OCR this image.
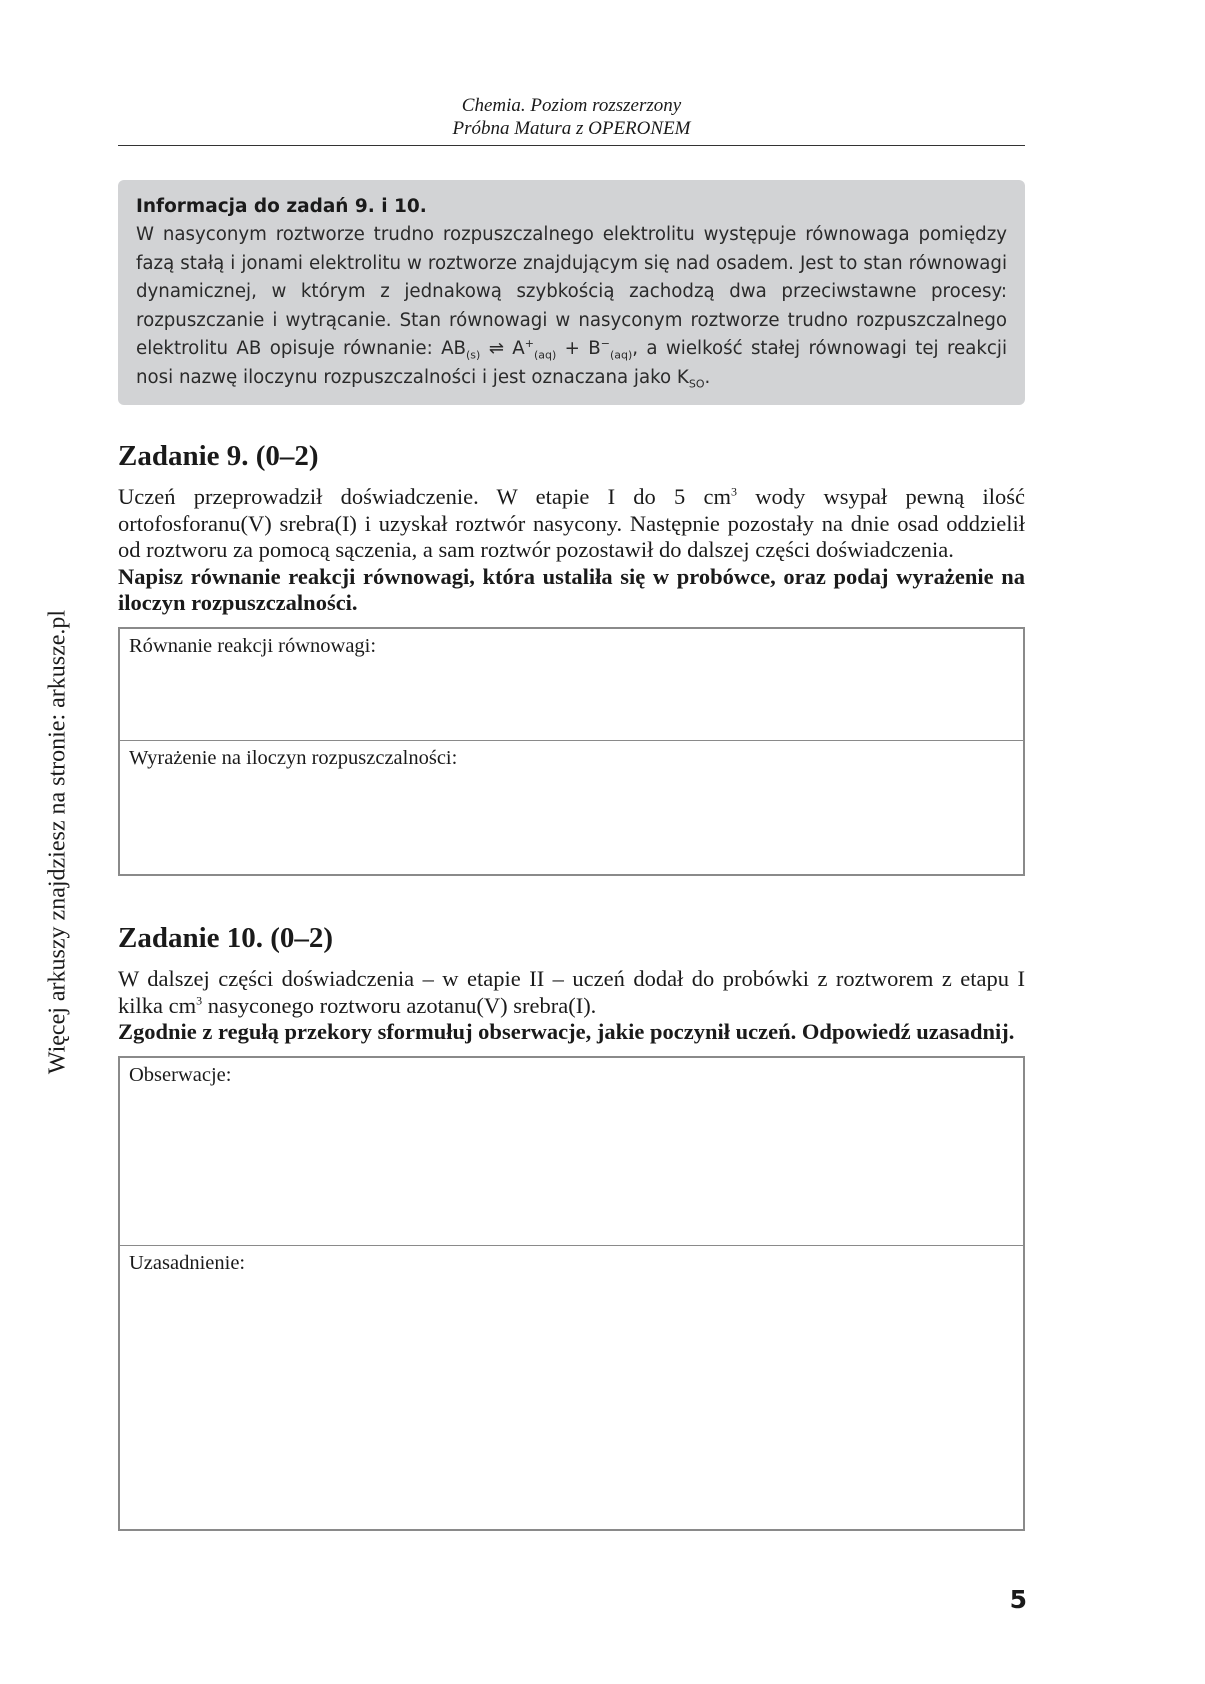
Chemia. Poziom rozszerzony
Próbna Matura z OPERONEM
Więcej arkuszy znajdziesz na stronie: arkusze.pl
Informacja do zadań 9. i 10.
W nasyconym roztworze trudno rozpuszczalnego elektrolitu występuje równowaga pomiędzy fazą stałą i jonami elektrolitu w roztworze znajdującym się nad osadem. Jest to stan równowagi dynamicznej, w którym z jednakową szybkością zachodzą dwa przeciwstawne procesy: rozpuszczanie i wytrącanie. Stan równowagi w nasyconym roztworze trudno rozpuszczalnego elektrolitu AB opisuje równanie: $AB_{(s)}$ ⇌ $A^+_{(aq)} + B^-_{(aq)}$, a wielkość stałej równowagi tej reakcji nosi nazwę iloczynu rozpuszczalności i jest oznaczana jako $K_{SO}$.
Zadanie 9. (0–2)
Uczeń przeprowadził doświadczenie. W etapie I do 5 $cm^3$ wody wsypał pewną ilość ortofosforanu(V) srebra(I) i uzyskał roztwór nasycony. Następnie pozostały na dnie osad oddzielił od roztworu za pomocą sączenia, a sam roztwór pozostawił do dalszej części doświadczenia.
Napisz równanie reakcji równowagi, która ustaliła się w probówce, oraz podaj wyrażenie na iloczyn rozpuszczalności.
Równanie reakcji równowagi:
Wyrażenie na iloczyn rozpuszczalności:
Zadanie 10. (0–2)
W dalszej części doświadczenia – w etapie II – uczeń dodał do probówki z roztworem z etapu I kilka $cm^3$ nasyconego roztworu azotanu(V) srebra(I).
Zgodnie z regułą przekory sformułuj obserwacje, jakie poczynił uczeń. Odpowiedź uzasadnij.
Obserwacje:
Uzasadnienie:
5
